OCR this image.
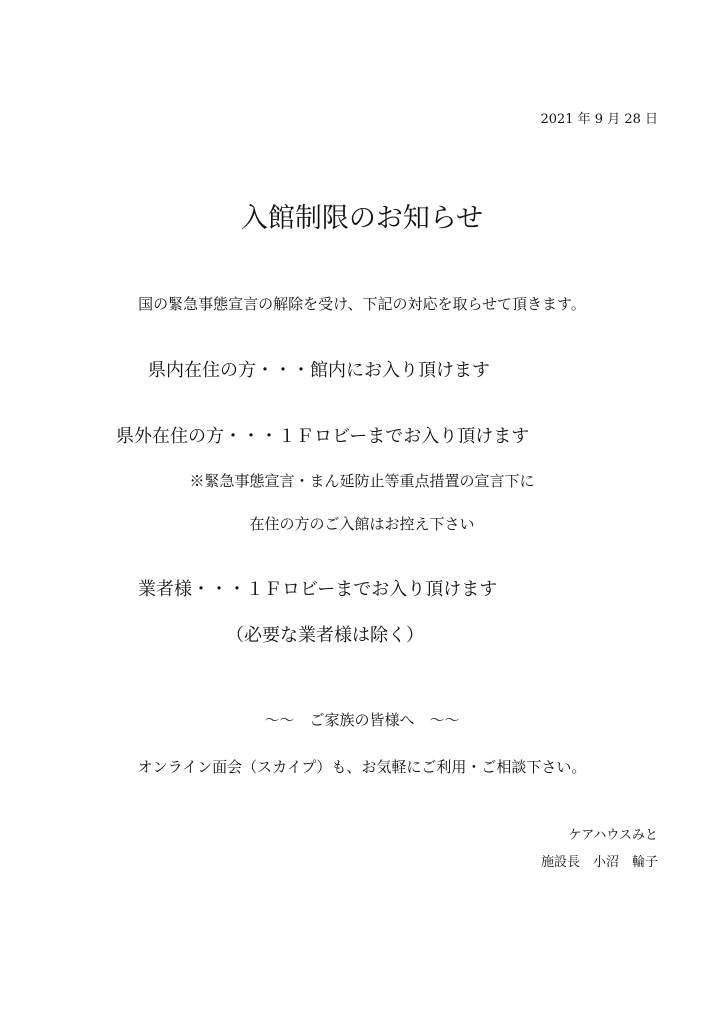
2021 年 9 月 28 日
入館制限のお知らせ
国の緊急事態宣言の解除を受け、下記の対応を取らせて頂きます。
県内在住の方・・・館内にお入り頂けます
県外在住の方・・・１Ｆロビーまでお入り頂けます
※緊急事態宣言・まん延防止等重点措置の宣言下に
在住の方のご入館はお控え下さい
業者様・・・１Ｆロビーまでお入り頂けます
（必要な業者様は除く）
～～　ご家族の皆様へ　～～
オンライン面会（スカイプ）も、お気軽にご利用・ご相談下さい。
ケアハウスみと
施設長　小沼　輪子
